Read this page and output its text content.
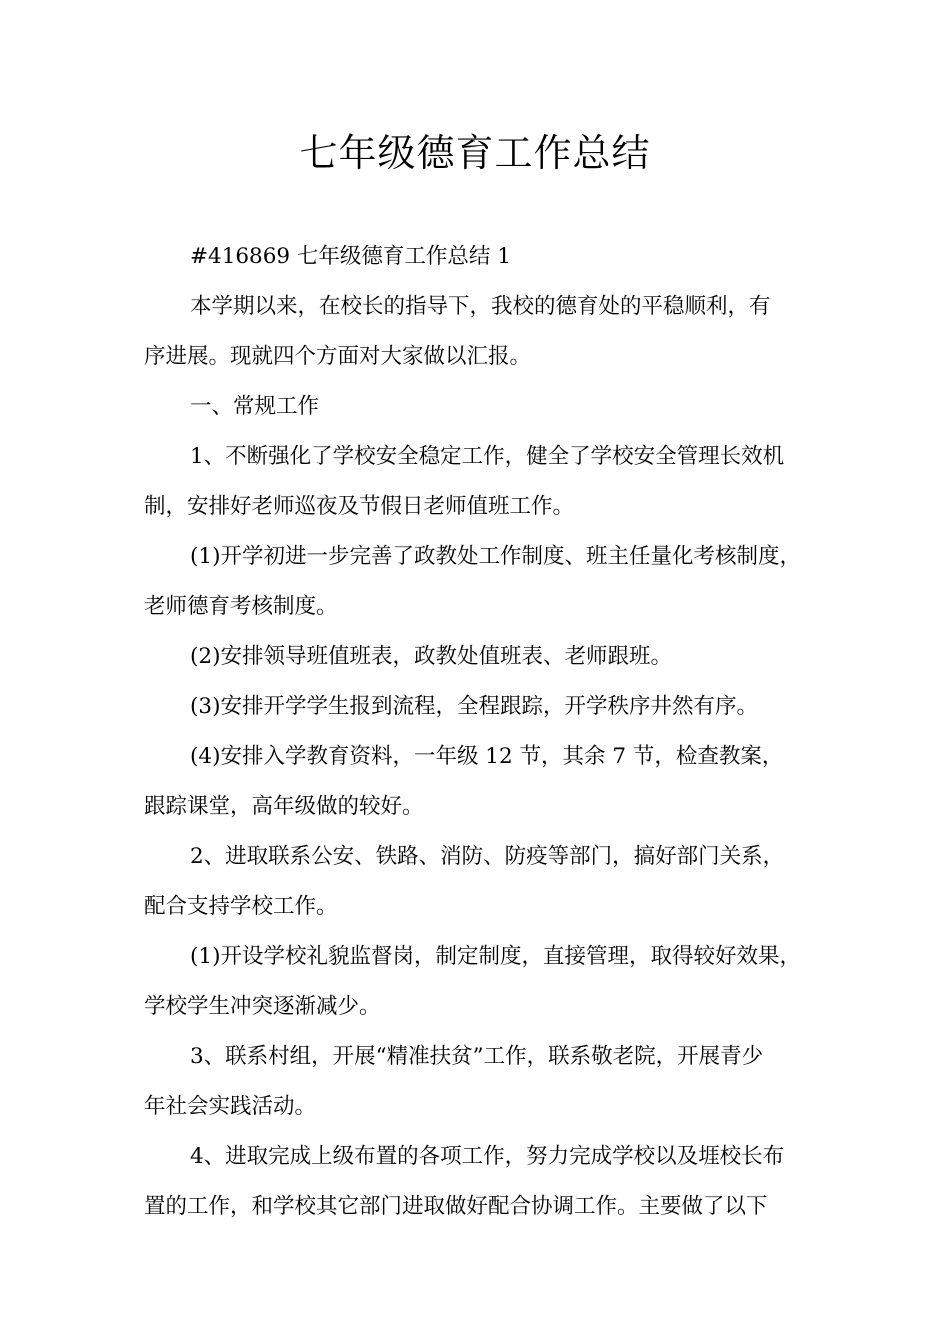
七年级德育工作总结
#416869 七年级德育工作总结 1
本学期以来，在校长的指导下，我校的德育处的平稳顺利，有
序进展。现就四个方面对大家做以汇报。
一、常规工作
1、不断强化了学校安全稳定工作，健全了学校安全管理长效机
制，安排好老师巡夜及节假日老师值班工作。
(1)开学初进一步完善了政教处工作制度、班主任量化考核制度，
老师德育考核制度。
(2)安排领导班值班表，政教处值班表、老师跟班。
(3)安排开学学生报到流程，全程跟踪，开学秩序井然有序。
(4)安排入学教育资料，一年级 12 节，其余 7 节，检查教案，
跟踪课堂，高年级做的较好。
2、进取联系公安、铁路、消防、防疫等部门，搞好部门关系，
配合支持学校工作。
(1)开设学校礼貌监督岗，制定制度，直接管理，取得较好效果，
学校学生冲突逐渐减少。
3、联系村组，开展“精准扶贫”工作，联系敬老院，开展青少
年社会实践活动。
4、进取完成上级布置的各项工作，努力完成学校以及堐校长布
置的工作，和学校其它部门进取做好配合协调工作。主要做了以下
